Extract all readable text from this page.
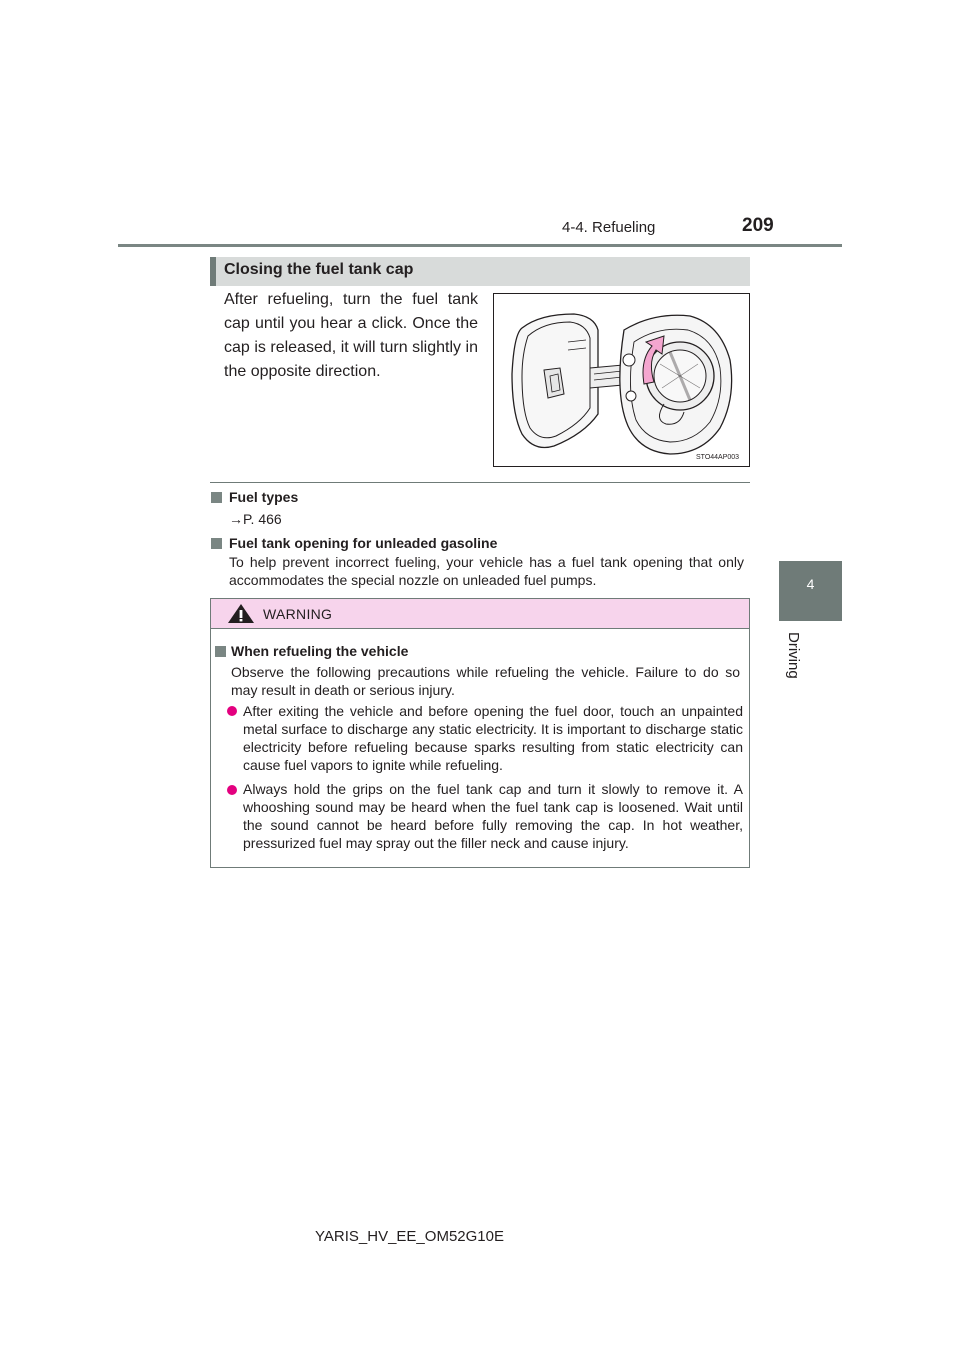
4-4. Refueling	209
4
Driving
Closing the fuel tank cap
After refueling, turn the fuel tank cap until you hear a click. Once the cap is released, it will turn slightly in the opposite direction.
STO44AP003
Fuel types
→P. 466
Fuel tank opening for unleaded gasoline
To help prevent incorrect fueling, your vehicle has a fuel tank opening that only accommodates the special nozzle on unleaded fuel pumps.
WARNING
When refueling the vehicle
Observe the following precautions while refueling the vehicle. Failure to do so may result in death or serious injury.
After exiting the vehicle and before opening the fuel door, touch an unpainted metal surface to discharge any static electricity. It is important to discharge static electricity before refueling because sparks resulting from static electricity can cause fuel vapors to ignite while refueling.
Always hold the grips on the fuel tank cap and turn it slowly to remove it. A whooshing sound may be heard when the fuel tank cap is loosened. Wait until the sound cannot be heard before fully removing the cap. In hot weather, pressurized fuel may spray out the filler neck and cause injury.
YARIS_HV_EE_OM52G10E
